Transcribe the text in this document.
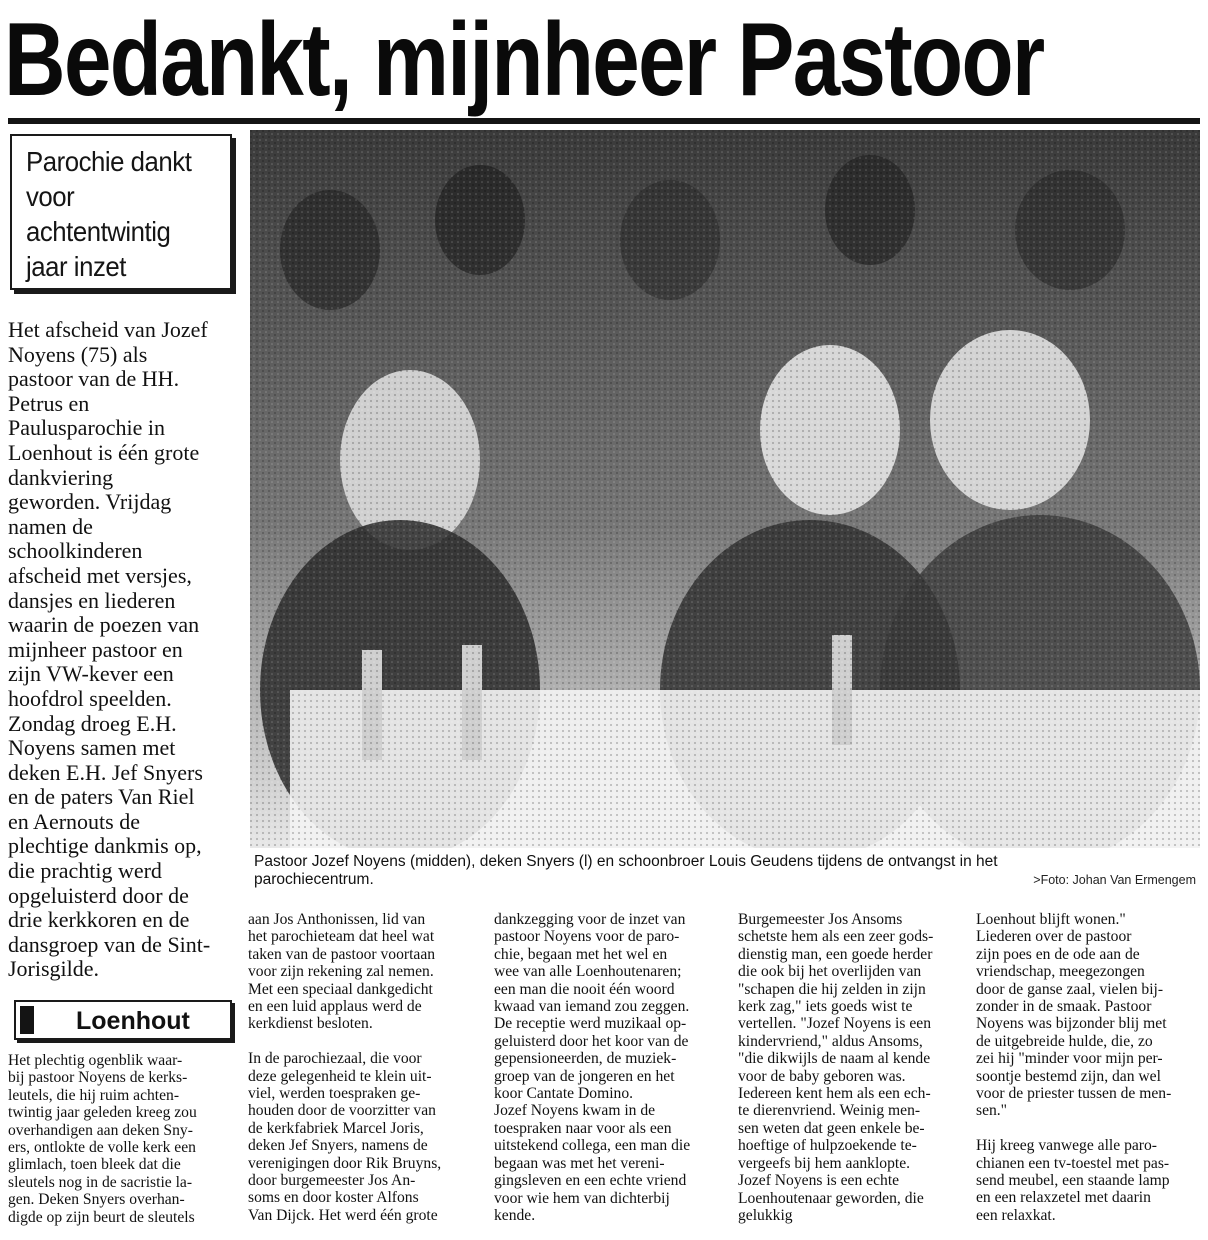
Bedankt, mijnheer Pastoor
Parochie dankt
voor
achtentwintig
jaar inzet
Het afscheid van Jozef
Noyens (75) als
pastoor van de HH.
Petrus en
Paulusparochie in
Loenhout is één grote
dankviering
geworden. Vrijdag
namen de
schoolkinderen
afscheid met versjes,
dansjes en liederen
waarin de poezen van
mijnheer pastoor en
zijn VW-kever een
hoofdrol speelden.
Zondag droeg E.H.
Noyens samen met
deken E.H. Jef Snyers
en de paters Van Riel
en Aernouts de
plechtige dankmis op,
die prachtig werd
opgeluisterd door de
drie kerkkoren en de
dansgroep van de Sint-
Jorisgilde.
Pastoor Jozef Noyens (midden), deken Snyers (l) en schoonbroer Louis Geudens tijdens de ontvangst in het
parochiecentrum.	>Foto: Johan Van Ermengem
Loenhout
Het plechtig ogenblik waar-
bij pastoor Noyens de kerks-
leutels, die hij ruim achten-
twintig jaar geleden kreeg zou
overhandigen aan deken Sny-
ers, ontlokte de volle kerk een
glimlach, toen bleek dat die
sleutels nog in de sacristie la-
gen. Deken Snyers overhan-
digde op zijn beurt de sleutels
aan Jos Anthonissen, lid van
het parochieteam dat heel wat
taken van de pastoor voortaan
voor zijn rekening zal nemen.
Met een speciaal dankgedicht
en een luid applaus werd de
kerkdienst besloten.
In de parochiezaal, die voor
deze gelegenheid te klein uit-
viel, werden toespraken ge-
houden door de voorzitter van
de kerkfabriek Marcel Joris,
deken Jef Snyers, namens de
verenigingen door Rik Bruyns,
door burgemeester Jos An-
soms en door koster Alfons
Van Dijck. Het werd één grote
dankzegging voor de inzet van
pastoor Noyens voor de paro-
chie, begaan met het wel en
wee van alle Loenhoutenaren;
een man die nooit één woord
kwaad van iemand zou zeggen.
De receptie werd muzikaal op-
geluisterd door het koor van de
gepensioneerden, de muziek-
groep van de jongeren en het
koor Cantate Domino.
Jozef Noyens kwam in de
toespraken naar voor als een
uitstekend collega, een man die
begaan was met het vereni-
gingsleven en een echte vriend
voor wie hem van dichterbij
kende.
Burgemeester Jos Ansoms
schetste hem als een zeer gods-
dienstig man, een goede herder
die ook bij het overlijden van
"schapen die hij zelden in zijn
kerk zag," iets goeds wist te
vertellen. "Jozef Noyens is een
kindervriend," aldus Ansoms,
"die dikwijls de naam al kende
voor de baby geboren was.
Iedereen kent hem als een ech-
te dierenvriend. Weinig men-
sen weten dat geen enkele be-
hoeftige of hulpzoekende te-
vergeefs bij hem aanklopte.
Jozef Noyens is een echte
Loenhoutenaar geworden, die
gelukkig
Loenhout blijft wonen."
Liederen over de pastoor
zijn poes en de ode aan de
vriendschap, meegezongen
door de ganse zaal, vielen bij-
zonder in de smaak. Pastoor
Noyens was bijzonder blij met
de uitgebreide hulde, die, zo
zei hij "minder voor mijn per-
soontje bestemd zijn, dan wel
voor de priester tussen de men-
sen."
Hij kreeg vanwege alle paro-
chianen een tv-toestel met pas-
send meubel, een staande lamp
en een relaxzetel met daarin
een relaxkat.
